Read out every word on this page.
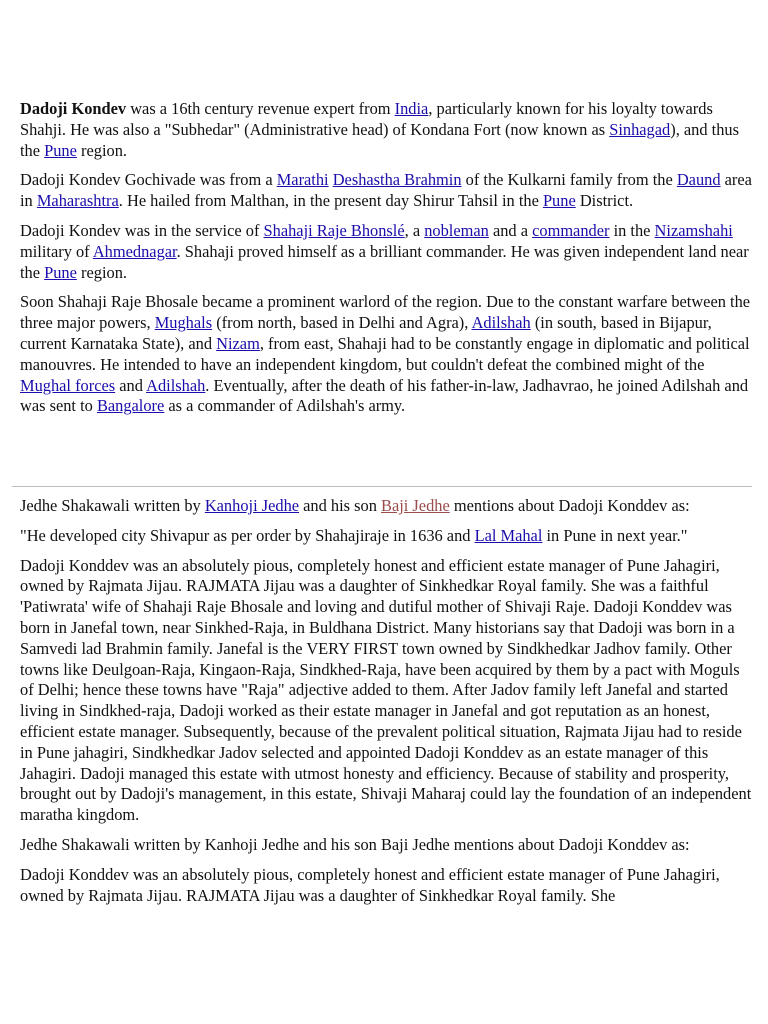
Dadoji Kondev was a 16th century revenue expert from India, particularly known for his loyalty towards Shahji. He was also a "Subhedar" (Administrative head) of Kondana Fort (now known as Sinhagad), and thus the Pune region.

Dadoji Kondev Gochivade was from a Marathi Deshastha Brahmin of the Kulkarni family from the Daund area in Maharashtra. He hailed from Malthan, in the present day Shirur Tahsil in the Pune District.

Dadoji Kondev was in the service of Shahaji Raje Bhonslé, a nobleman and a commander in the Nizamshahi military of Ahmednagar. Shahaji proved himself as a brilliant commander. He was given independent land near the Pune region.

Soon Shahaji Raje Bhosale became a prominent warlord of the region. Due to the constant warfare between the three major powers, Mughals (from north, based in Delhi and Agra), Adilshah (in south, based in Bijapur, current Karnataka State), and Nizam, from east, Shahaji had to be constantly engage in diplomatic and political manouvres. He intended to have an independent kingdom, but couldn't defeat the combined might of the Mughal forces and Adilshah. Eventually, after the death of his father-in-law, Jadhavrao, he joined Adilshah and was sent to Bangalore as a commander of Adilshah's army.

Jedhe Shakawali written by Kanhoji Jedhe and his son Baji Jedhe mentions about Dadoji Konddev as:

"He developed city Shivapur as per order by Shahajiraje in 1636 and Lal Mahal in Pune in next year."

Dadoji Konddev was an absolutely pious, completely honest and efficient estate manager of Pune Jahagiri, owned by Rajmata Jijau. RAJMATA Jijau was a daughter of Sinkhedkar Royal family. She was a faithful 'Patiwrata' wife of Shahaji Raje Bhosale and loving and dutiful mother of Shivaji Raje. Dadoji Konddev was born in Janefal town, near Sinkhed-Raja, in Buldhana District. Many historians say that Dadoji was born in a Samvedi lad Brahmin family. Janefal is the VERY FIRST town owned by Sindkhedkar Jadhov family. Other towns like Deulgoan-Raja, Kingaon-Raja, Sindkhed-Raja, have been acquired by them by a pact with Moguls of Delhi; hence these towns have "Raja" adjective added to them. After Jadov family left Janefal and started living in Sindkhed-raja, Dadoji worked as their estate manager in Janefal and got reputation as an honest, efficient estate manager. Subsequently, because of the prevalent political situation, Rajmata Jijau had to reside in Pune jahagiri, Sindkhedkar Jadov selected and appointed Dadoji Konddev as an estate manager of this Jahagiri. Dadoji managed this estate with utmost honesty and efficiency. Because of stability and prosperity, brought out by Dadoji's management, in this estate, Shivaji Maharaj could lay the foundation of an independent maratha kingdom.

Jedhe Shakawali written by Kanhoji Jedhe and his son Baji Jedhe mentions about Dadoji Konddev as:

Dadoji Konddev was an absolutely pious, completely honest and efficient estate manager of Pune Jahagiri, owned by Rajmata Jijau. RAJMATA Jijau was a daughter of Sinkhedkar Royal family. She
